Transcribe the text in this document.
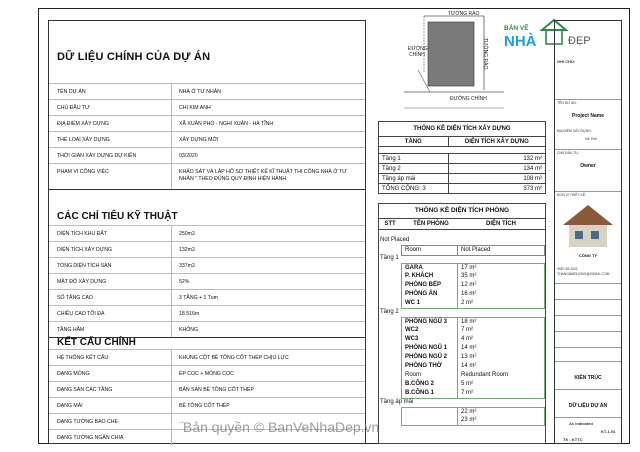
DỮ LIỆU CHÍNH CỦA DỰ ÁN
TÊN DỰ ÁN	NHÀ Ở TƯ NHÂN
CHỦ ĐẦU TƯ	CHỊ KIM ANH
ĐỊA ĐIỂM XÂY DỰNG	XÃ XUÂN PHỔ - NGHI XUÂN - HÀ TĨNH
THỂ LOẠI XÂY DỰNG	XÂY DỰNG MỚI
THỜI GIAN XÂY DỰNG DỰ KIẾN	03/2020
PHẠM VI CÔNG VIỆC	KHẢO SÁT VÀ LẬP HỒ SƠ THIẾT KẾ KĨ THUẬT THI CÔNG NHÀ Ở TƯ
NHÂN " THEO ĐÚNG QUY ĐỊNH HIỆN HÀNH.
CÁC CHỈ TIÊU KỸ THUẬT
DIỆN TÍCH KHU ĐẤT	250m2
DIỆN TÍCH XÂY DỰNG	132m2
TỔNG DIỆN TÍCH SÀN	337m2
MẬT ĐỘ XÂY DỰNG	52%
SỐ TẦNG CAO	3 TẦNG + 1 Tum
CHIỀU CAO TỐI ĐA	18.516m
TẦNG HẦM	KHÔNG
KẾT CẤU CHÍNH
HỆ THỐNG KẾT CẤU	KHUNG CỘT BÊ TÔNG CỐT THÉP CHỊU LỰC
DẠNG MÓNG	ÉP CỌC + MÓNG CỌC
DẠNG SÀN CÁC TẦNG	BẢN SÀN BÊ TÔNG CỐT THÉP
DẠNG MÁI	BÊ TÔNG CỐT THÉP
DẠNG TƯỜNG BAO CHE	...
DẠNG TƯỜNG NGĂN CHIA
TƯỜNG RÀO
TƯỜNG RÀO
ĐƯỜNG
CHÍNH
ĐƯỜNG CHÍNH
THỐNG KÊ DIỆN TÍCH XÂY DỰNG	
TẦNG	DIỆN TÍCH XÂY DỰNG

Tầng 1	132 m²
Tầng 2	134 m²
Tầng áp mái	108 m²
TỔNG CỘNG: 3	373 m²
THỐNG KÊ DIỆN TÍCH PHÒNG
STT	TÊN PHÒNG	DIỆN TÍCH
Not Placed
Room	Not Placed
Tầng 1
GARA	17 m²
P. KHÁCH	35 m²
PHÒNG BẾP	12 m²
PHÒNG ĂN	16 m²
WC 1	2 m²
Tầng 2
PHÒNG NGỦ 3	18 m²
WC2	7 m²
WC3	4 m²
PHÒNG NGỦ 1	14 m²
PHÒNG NGỦ 2	13 m²
PHÒNG THỜ	14 m²
Room	Redundant Room
B.CÔNG 2	5 m²
B.CÔNG 1	7 m²
Tầng áp mái
22 m²
23 m²
BẢN VẼ
NHÀ	ĐẸP
GHI CHÚ:
TÊN DỰ ÁN:
Project Name
ĐỊA ĐIỂM XÂY DỰNG:
Hà Tĩnh
CHỦ ĐẦU TƯ:
Owner
ĐƠN VỊ THIẾT KẾ:
CÔNG TY
0987.65.4321
THANGAMDUONG@GMAIL.COM
KIẾN TRÚC
DỮ LIỆU DỰ ÁN
As indicated
KT-1.04
TK - KTTC
Bản quyền © BanVeNhaDep.vn
